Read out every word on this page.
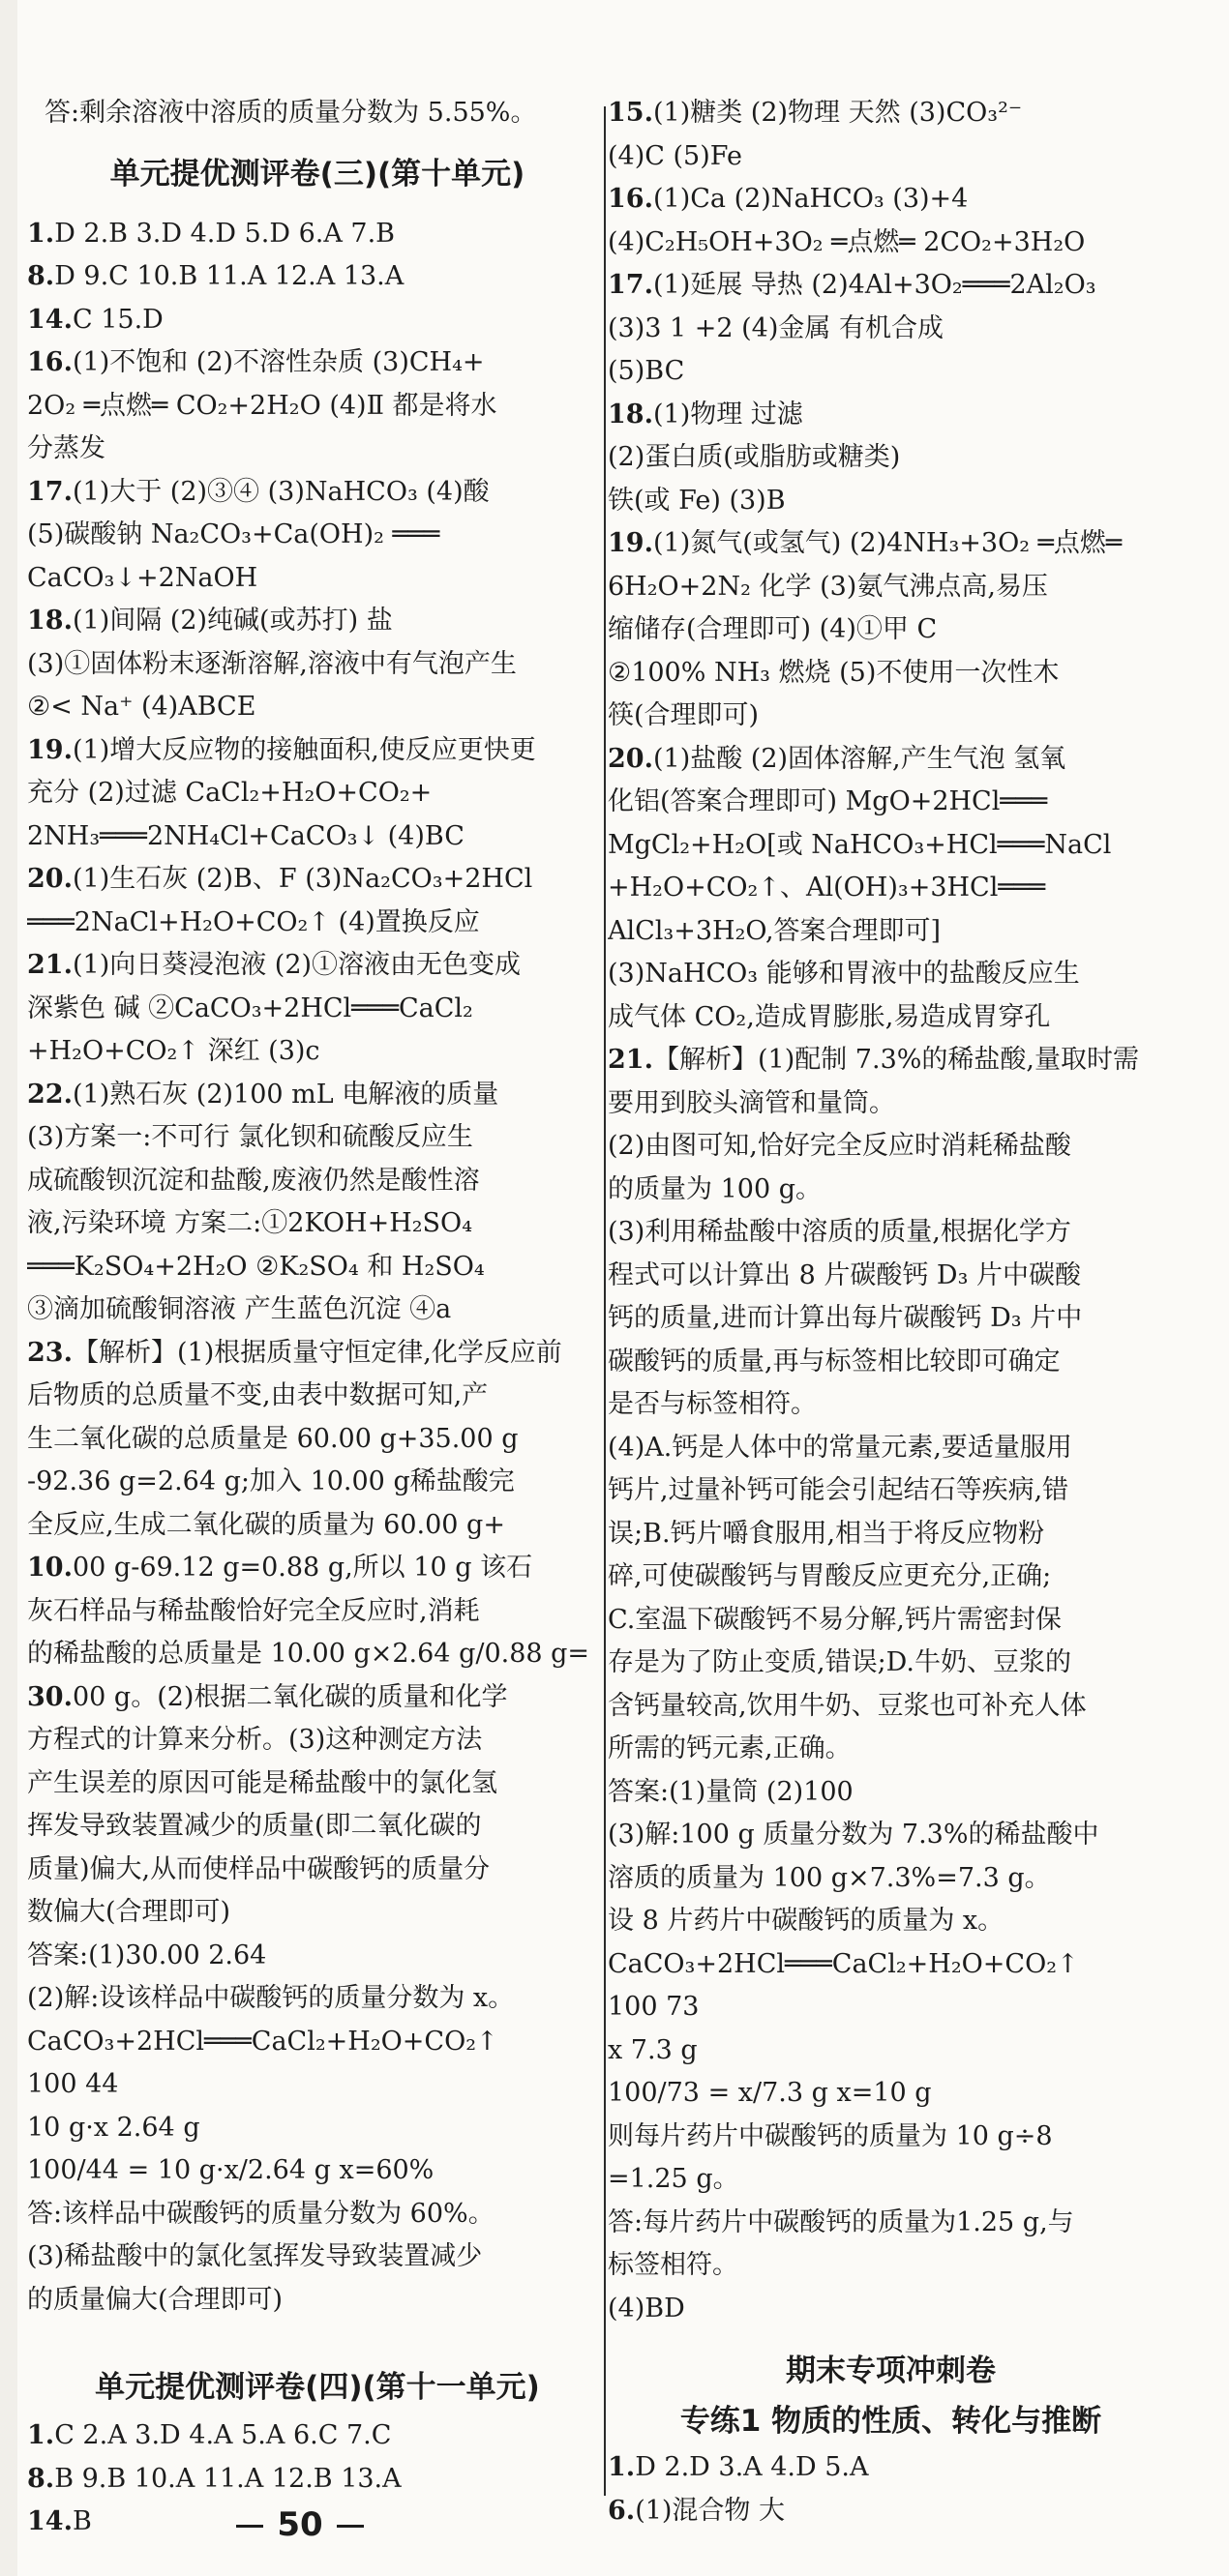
答:剩余溶液中溶质的质量分数为 5.55%。
单元提优测评卷(三)(第十单元)
1.D 2.B 3.D 4.D 5.D 6.A 7.B
8.D 9.C 10.B 11.A 12.A 13.A
14.C 15.D
16.(1)不饱和 (2)不溶性杂质 (3)CH₄+
2O₂ ═点燃═ CO₂+2H₂O (4)Ⅱ 都是将水
分蒸发
17.(1)大于 (2)③④ (3)NaHCO₃ (4)酸
(5)碳酸钠 Na₂CO₃+Ca(OH)₂ ═══
CaCO₃↓+2NaOH
18.(1)间隔 (2)纯碱(或苏打) 盐
(3)①固体粉末逐渐溶解,溶液中有气泡产生
②< Na⁺ (4)ABCE
19.(1)增大反应物的接触面积,使反应更快更
充分 (2)过滤 CaCl₂+H₂O+CO₂+
2NH₃═══2NH₄Cl+CaCO₃↓ (4)BC
20.(1)生石灰 (2)B、F (3)Na₂CO₃+2HCl
═══2NaCl+H₂O+CO₂↑ (4)置换反应
21.(1)向日葵浸泡液 (2)①溶液由无色变成
深紫色 碱 ②CaCO₃+2HCl═══CaCl₂
+H₂O+CO₂↑ 深红 (3)c
22.(1)熟石灰 (2)100 mL 电解液的质量
(3)方案一:不可行 氯化钡和硫酸反应生
成硫酸钡沉淀和盐酸,废液仍然是酸性溶
液,污染环境 方案二:①2KOH+H₂SO₄
═══K₂SO₄+2H₂O ②K₂SO₄ 和 H₂SO₄
③滴加硫酸铜溶液 产生蓝色沉淀 ④a
23.【解析】(1)根据质量守恒定律,化学反应前
后物质的总质量不变,由表中数据可知,产
生二氧化碳的总质量是 60.00 g+35.00 g
-92.36 g=2.64 g;加入 10.00 g稀盐酸完
全反应,生成二氧化碳的质量为 60.00 g+
10.00 g-69.12 g=0.88 g,所以 10 g 该石
灰石样品与稀盐酸恰好完全反应时,消耗
的稀盐酸的总质量是 10.00 g×2.64 g/0.88 g=
30.00 g。(2)根据二氧化碳的质量和化学
方程式的计算来分析。(3)这种测定方法
产生误差的原因可能是稀盐酸中的氯化氢
挥发导致装置减少的质量(即二氧化碳的
质量)偏大,从而使样品中碳酸钙的质量分
数偏大(合理即可)
答案:(1)30.00 2.64
(2)解:设该样品中碳酸钙的质量分数为 x。
CaCO₃+2HCl═══CaCl₂+H₂O+CO₂↑
100 44
10 g·x 2.64 g
100/44 = 10 g·x/2.64 g x=60%
答:该样品中碳酸钙的质量分数为 60%。
(3)稀盐酸中的氯化氢挥发导致装置减少
的质量偏大(合理即可)
单元提优测评卷(四)(第十一单元)
1.C 2.A 3.D 4.A 5.A 6.C 7.C
8.B 9.B 10.A 11.A 12.B 13.A
14.B
15.(1)糖类 (2)物理 天然 (3)CO₃²⁻
(4)C (5)Fe
16.(1)Ca (2)NaHCO₃ (3)+4
(4)C₂H₅OH+3O₂ ═点燃═ 2CO₂+3H₂O
17.(1)延展 导热 (2)4Al+3O₂═══2Al₂O₃
(3)3 1 +2 (4)金属 有机合成
(5)BC
18.(1)物理 过滤
(2)蛋白质(或脂肪或糖类)
铁(或 Fe) (3)B
19.(1)氮气(或氢气) (2)4NH₃+3O₂ ═点燃═
6H₂O+2N₂ 化学 (3)氨气沸点高,易压
缩储存(合理即可) (4)①甲 C
②100% NH₃ 燃烧 (5)不使用一次性木
筷(合理即可)
20.(1)盐酸 (2)固体溶解,产生气泡 氢氧
化铝(答案合理即可) MgO+2HCl═══
MgCl₂+H₂O[或 NaHCO₃+HCl═══NaCl
+H₂O+CO₂↑、Al(OH)₃+3HCl═══
AlCl₃+3H₂O,答案合理即可]
(3)NaHCO₃ 能够和胃液中的盐酸反应生
成气体 CO₂,造成胃膨胀,易造成胃穿孔
21.【解析】(1)配制 7.3%的稀盐酸,量取时需
要用到胶头滴管和量筒。
(2)由图可知,恰好完全反应时消耗稀盐酸
的质量为 100 g。
(3)利用稀盐酸中溶质的质量,根据化学方
程式可以计算出 8 片碳酸钙 D₃ 片中碳酸
钙的质量,进而计算出每片碳酸钙 D₃ 片中
碳酸钙的质量,再与标签相比较即可确定
是否与标签相符。
(4)A.钙是人体中的常量元素,要适量服用
钙片,过量补钙可能会引起结石等疾病,错
误;B.钙片嚼食服用,相当于将反应物粉
碎,可使碳酸钙与胃酸反应更充分,正确;
C.室温下碳酸钙不易分解,钙片需密封保
存是为了防止变质,错误;D.牛奶、豆浆的
含钙量较高,饮用牛奶、豆浆也可补充人体
所需的钙元素,正确。
答案:(1)量筒 (2)100
(3)解:100 g 质量分数为 7.3%的稀盐酸中
溶质的质量为 100 g×7.3%=7.3 g。
设 8 片药片中碳酸钙的质量为 x。
CaCO₃+2HCl═══CaCl₂+H₂O+CO₂↑
100 73
x 7.3 g
100/73 = x/7.3 g x=10 g
则每片药片中碳酸钙的质量为 10 g÷8
=1.25 g。
答:每片药片中碳酸钙的质量为1.25 g,与
标签相符。
(4)BD
期末专项冲刺卷
专练1 物质的性质、转化与推断
1.D 2.D 3.A 4.D 5.A
6.(1)混合物 大
50
